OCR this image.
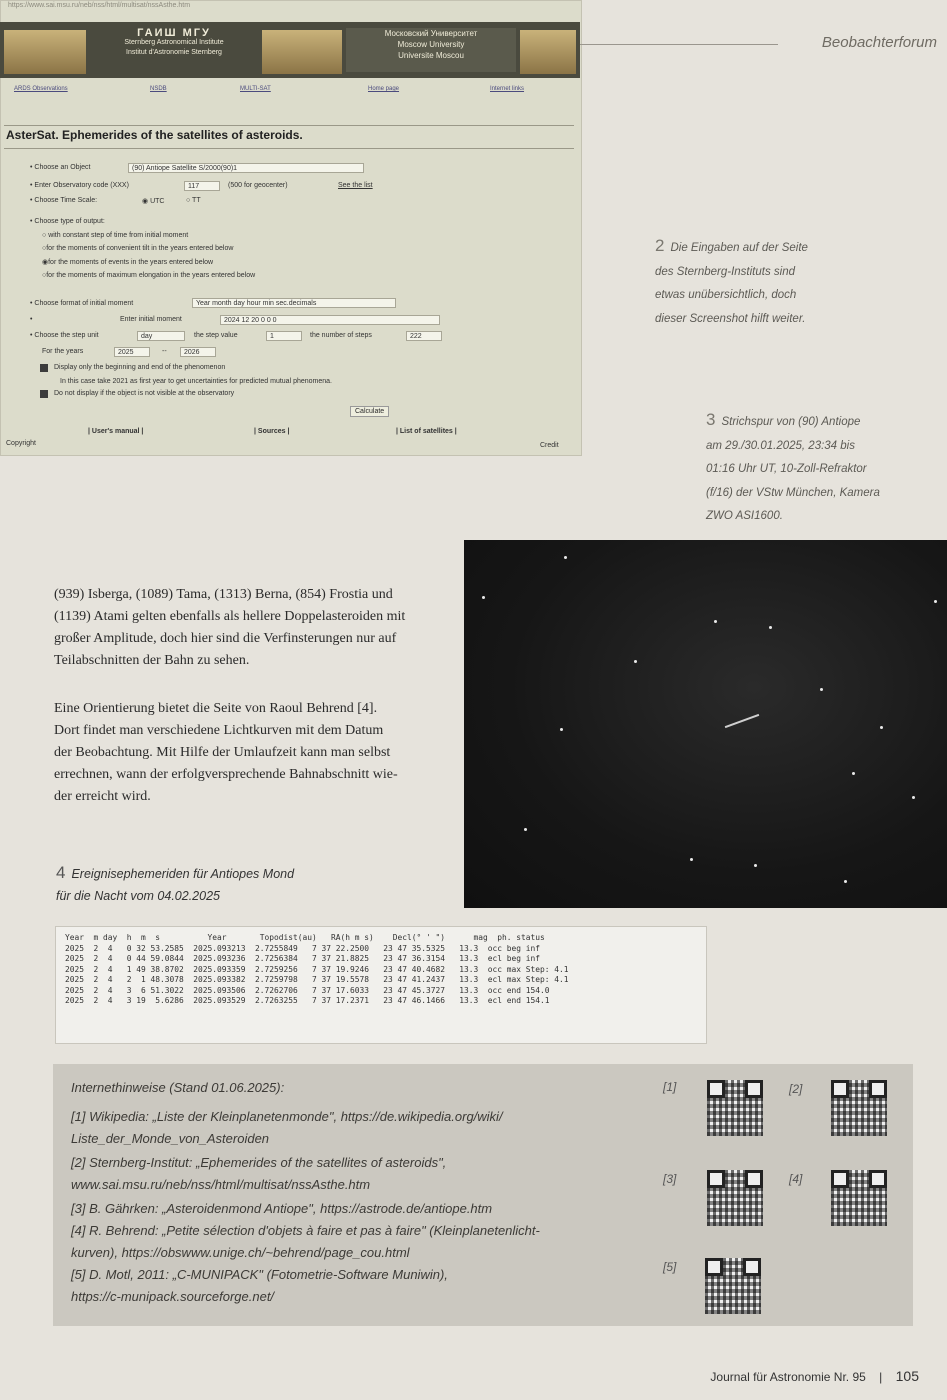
Beobachterforum
https://www.sai.msu.ru/neb/nss/html/multisat/nssAsthe.htm
ГАИШ МГУ
Sternberg Astronomical Institute
Institut d'Astronomie Sternberg
Московский Университет
Moscow University
Universite Moscou
ARDS Observations	NSDB	MULTI-SAT	Home page	Internet links
AsterSat. Ephemerides of the satellites of asteroids.
• Choose an Object	(90) Antiope Satellite S/2000(90)1
• Enter Observatory code (XXX)	117	(500 for geocenter)	See the list
• Choose Time Scale:	◉ UTC	○ TT
• Choose type of output:
○ with constant step of time from initial moment
○for the moments of convenient tilt in the years entered below
◉for the moments of events in the years entered below
○for the moments of maximum elongation in the years entered below
• Choose format of initial moment	Year month day hour min sec.decimals
•	Enter initial moment	2024 12 20 0 0 0
• Choose the step unit	day	the step value	1	the number of steps	222
For the years	2025	--	2026
Display only the beginning and end of the phenomenon
In this case take 2021 as first year to get uncertainties for predicted mutual phenomena.
Do not display if the object is not visible at the observatory
Calculate
| User's manual |	| Sources |	| List of satellites |
Copyright	Credit
2 Die Eingaben auf der Seite
des Sternberg-Instituts sind
etwas unübersichtlich, doch
dieser Screenshot hilft weiter.
3 Strichspur von (90) Antiope
am 29./30.01.2025, 23:34 bis
01:16 Uhr UT, 10-Zoll-Refraktor
(f/16) der VStw München, Kamera
ZWO ASI1600.
(939) Isberga, (1089) Tama, (1313) Berna, (854) Frostia und
(1139) Atami gelten ebenfalls als hellere Doppelasteroiden mit
großer Amplitude, doch hier sind die Verfinsterungen nur auf
Teilabschnitten der Bahn zu sehen.
Eine Orientierung bietet die Seite von Raoul Behrend [4].
Dort findet man verschiedene Lichtkurven mit dem Datum
der Beobachtung. Mit Hilfe der Umlaufzeit kann man selbst
errechnen, wann der erfolgversprechende Bahnabschnitt wie-
der erreicht wird.
4 Ereignisephemeriden für Antiopes Mond
für die Nacht vom 04.02.2025
Year  m day  h  m  s          Year       Topodist(au)   RA(h m s)    Decl(° ' ")      mag  ph. status
2025  2  4   0 32 53.2585  2025.093213  2.7255849   7 37 22.2500   23 47 35.5325   13.3  occ beg inf
2025  2  4   0 44 59.0844  2025.093236  2.7256384   7 37 21.8825   23 47 36.3154   13.3  ecl beg inf
2025  2  4   1 49 38.8702  2025.093359  2.7259256   7 37 19.9246   23 47 40.4682   13.3  occ max Step: 4.1
2025  2  4   2  1 48.3078  2025.093382  2.7259798   7 37 19.5578   23 47 41.2437   13.3  ecl max Step: 4.1
2025  2  4   3  6 51.3022  2025.093506  2.7262706   7 37 17.6033   23 47 45.3727   13.3  occ end 154.0
2025  2  4   3 19  5.6286  2025.093529  2.7263255   7 37 17.2371   23 47 46.1466   13.3  ecl end 154.1
Internethinweise (Stand 01.06.2025):
[1] Wikipedia: „Liste der Kleinplanetenmonde", https://de.wikipedia.org/wiki/
Liste_der_Monde_von_Asteroiden
[2] Sternberg-Institut: „Ephemerides of the satellites of asteroids",
www.sai.msu.ru/neb/nss/html/multisat/nssAsthe.htm
[3] B. Gährken: „Asteroidenmond Antiope", https://astrode.de/antiope.htm
[4] R. Behrend: „Petite sélection d'objets à faire et pas à faire" (Kleinplanetenlicht-
kurven), https://obswww.unige.ch/~behrend/page_cou.html
[5] D. Motl, 2011: „C-MUNIPACK" (Fotometrie-Software Muniwin),
https://c-munipack.sourceforge.net/
[1]	[2]
[3]	[4]
[5]
Journal für Astronomie Nr. 95 | 105
